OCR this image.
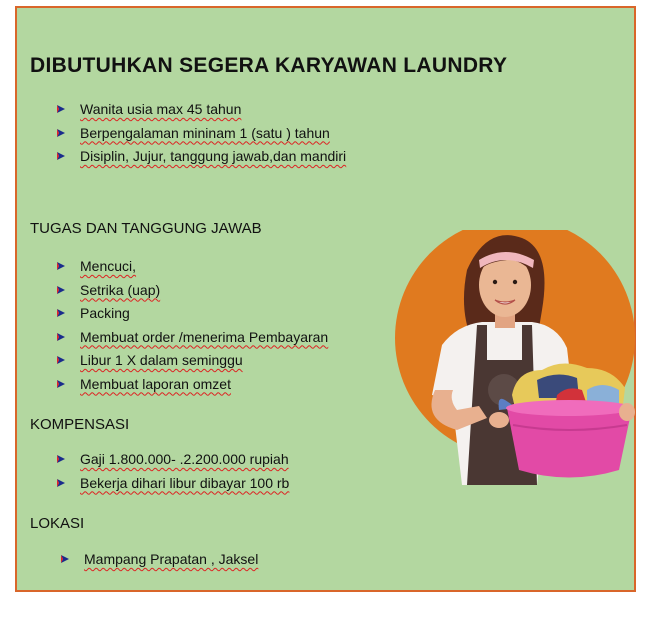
DIBUTUHKAN SEGERA KARYAWAN LAUNDRY
Wanita usia max 45 tahun
Berpengalaman mininam 1 (satu ) tahun
Disiplin, Jujur, tanggung jawab,dan mandiri
TUGAS DAN TANGGUNG JAWAB
Mencuci,
Setrika (uap)
Packing
Membuat order /menerima Pembayaran
Libur 1 X dalam seminggu
Membuat laporan omzet
KOMPENSASI
Gaji 1.800.000- .2.200.000 rupiah
Bekerja dihari libur dibayar 100 rb
LOKASI
Mampang Prapatan , Jaksel
